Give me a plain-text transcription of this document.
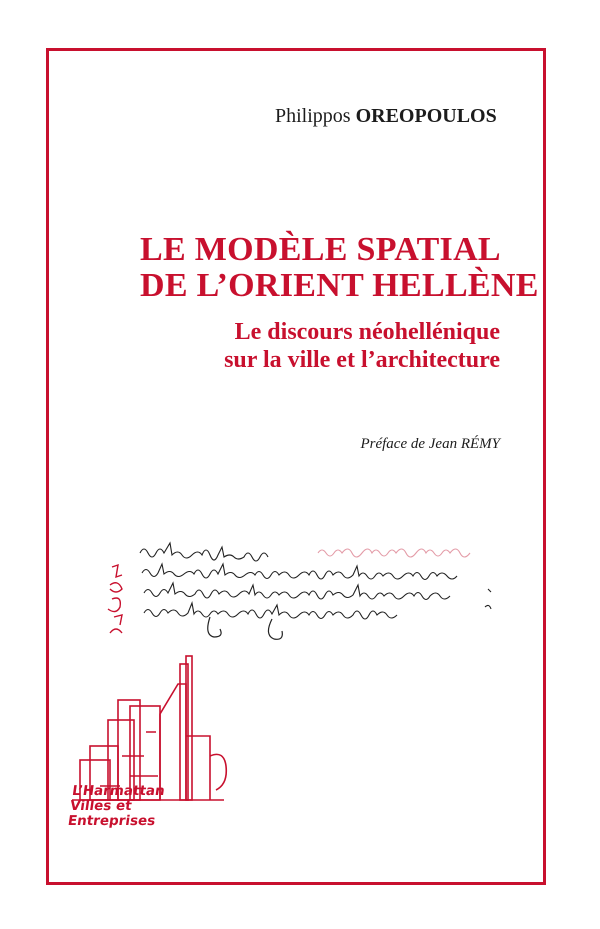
Philippos OREOPOULOS
LE MODÈLE SPATIAL
DE L’ORIENT HELLÈNE
Le discours néohellénique
sur la ville et l’architecture
Préface de Jean RÉMY
L’Harmattan
Villes et Entreprises
